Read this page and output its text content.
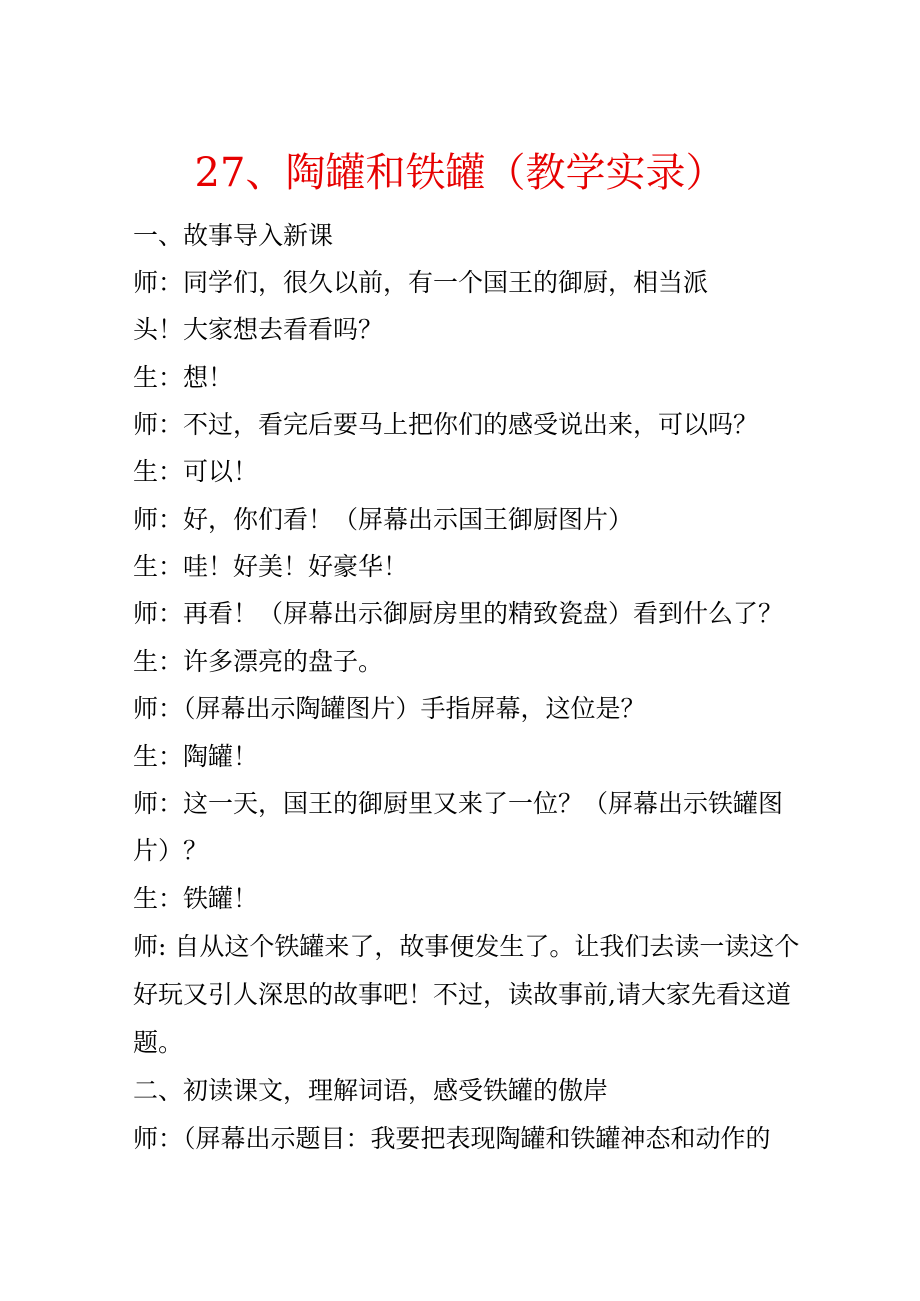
27、陶罐和铁罐（教学实录）
一、故事导入新课
师：同学们，很久以前，有一个国王的御厨，相当派
头！大家想去看看吗？
生：想！
师：不过，看完后要马上把你们的感受说出来，可以吗？
生：可以！
师：好，你们看！（屏幕出示国王御厨图片）
生：哇！好美！好豪华！
师：再看！（屏幕出示御厨房里的精致瓷盘）看到什么了？
生：许多漂亮的盘子。
师：（屏幕出示陶罐图片）手指屏幕，这位是？
生：陶罐！
师：这一天，国王的御厨里又来了一位？（屏幕出示铁罐图
片）？
生：铁罐！
师: 自从这个铁罐来了，故事便发生了。让我们去读一读这个
好玩又引人深思的故事吧！不过，读故事前,请大家先看这道
题。
二、初读课文，理解词语，感受铁罐的傲岸
师：（屏幕出示题目：我要把表现陶罐和铁罐神态和动作的
